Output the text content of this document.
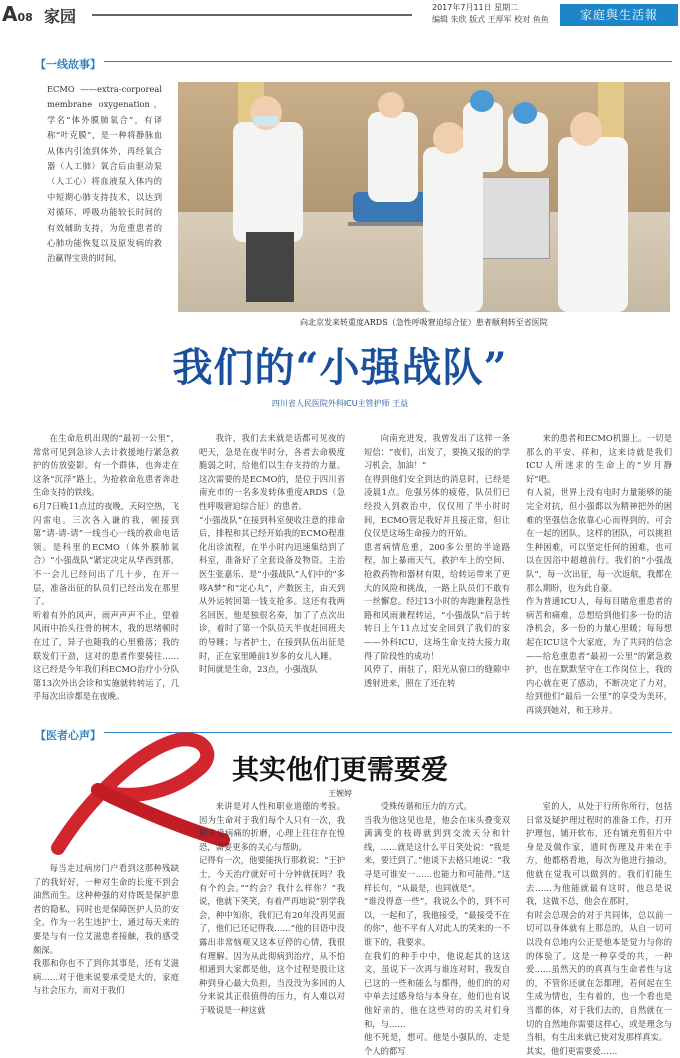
A08 家园	2017年7月11日 星期二
编辑 朱欣 版式 王厚军 校对 鱼鱼	家庭與生活報
【一线故事】
ECMO ——extra-corporeal membrane oxygenation，学名“体外膜肺氧合”，有译称“叶克膜”，是一种将静脉血从体内引流到体外，再经氧合器（人工肺）氧合后由驱动泵（人工心）将血液泵入体内的中短期心肺支持技术，以达到对循环、呼吸功能较长时间的有效辅助支持，为危重患者的心肺功能恢复以及原发病的救治赢得宝贵的时间。
向北京发来转重度ARDS（急性呼吸窘迫综合征）患者顺利转至省医院
我们的“小强战队”
四川省人民医院外科ICU主管护师 王益
在生命危机出现的“最初一公里”，常常可见到急诊人去计救援地行紧急救护的仿放姿影。有一个群体，也奔走在这条“沉浮”路上，为抢救命危患者奔赴生命支持的铁线。
6月7日晚11点过的夜晚，天闷空热，飞闪雷电。三次各入谦的我，顿接到第“请-请-请”一线当心一线的救命电话领。是科里的ECMO（体外膜肺氧合）“小强战队”紧定决定从华西到那，不一会儿已经问出了几十步，在开一层，准备出征的队员们已经出发在那里了。
听着有外的风声，雨声声声不止，望着风雨中抬头往骨的树木，我的思绪顿时在过了，异子也随我的心里雅落；我的联发们干劲，这对的患者作要骑往……这已经是今年我们科ECMO治疗小分队第13次外出会诊和实施就转转运了，几乎每次出诊都是在夜晚。
我许，我们去来就是话都可见夜的吧天，急是在夜半时分，各者去命极度脆弱之时，给他们以生存支持的力量。这次需要的是ECMO的，是位于四川省南充市的一名多发转体重度ARDS（急性呼吸窘迫综合征）的患者。
“小强战队”在接到科室便收注意的排命后，排程和其已经开始我的ECMO程准化出诊流程，在半小时内迅速集结到了科室，准备好了全套设备及物资。主治医生张嘉乐、是“小强战队”人们中的“多哆A梦”和“定心丸”，产数医主，由天到从外运转回第一钱支抢多。这还有我两名回医，他是独很名奏，加了了点次出诊，着时了第一个队员天半夜赶回班夫的导睡；与者护士，在接到队伍出征是时，正在家里睡前1岁多的女儿入睡。
时间就是生命，23点，小强战队
向南充进发，我曾发出了这样一条短信：“夜们，出发了，要换又报的的学习机会，加油！”
在得到他们安全到达的消息时，已经是凌晨1点。危强另体的疲倦，队员们已经投入到救治中，仅仅用了半小时时间，ECMO管足我好并且接正常，但让仪仅是这场生命接力的开始。
患者病情危重，200多公里的半途路程，加上暴雨天气，救护车上的空间、抢救药物和器材有限，给转运带来了更大的风险和挑战，一路上队员们不敢有一丝懈怠。经过13小时的奔跑兼程急性路和风雨兼程转运，“小强战队”后于转转日上午11点过安全回到了我们的家——外科ICU，这场生命支持大接力取得了阶段性的成功！
风停了，雨驻了，阳光从窗口的缝隙中透射进来，照在了还在转
来的患者和ECMO机器上。一切是那么的平安、祥和，这来诗就是我们ICU人所迷求的生命上的“岁月静好”吧。
有人说，世界上没有电时力量能够的能完全对抗，但小强都以为精神把外的困难的坚强信念依靠心心而得到的。可会在一起的团队，这样的团队，可以挑担生种困难，可以坚定任何的困难，也可以在因浴中超越前行。我们的“小强战队”，每一次出征，每一次返航，我都在那么期盼，也为此自豪。
作为普通ICU人，每每目睹危重患者的病苦和痛难，总想给到他们多一份的洁净机会，多一份的力量心里暖；每每想起在ICU这个大家庭，为了共同的信念——给危重患者“最初一公里”的紧急救护，也在默默坚守在工作岗位上，我的内心就在更了感动，不断决定了力对，给到他们“最后一公里”的享受为美环，再谈到她对，和王珍并。
【医者心声】
其实他们更需要爱
王婉婷
来讲是对人性和职业道德的考验。因为生命对于我们每个人只有一次，我期求受病痛的折磨，心理上往往存在惶恐，需要更多的关心与帮助。
记得有一次，他要能执行那救说：“王护士，今天治疗就好可十分钟就抚吗？我有个约会。”“约会？我什么样你？”我说，他就下笑笑，有着严再地说“别学我会，种中知你，我们已有20年没再见面了，他们已还记得我……”他的目语中没露出非常恼观又这本豆停的心情，我很有理解。因为从此彻病到治疗，从不怕相通到大家都是他，这个过程是股让这种到身心最大负担，当没没为多回的人分来说其正很值得的压力，有人难以对于吸说是一种这就
每当走过病房门户看到这那种残缺了的我好好，一种对生命的长度不到会油然而生。这种种强的对待既是保护患者的隐私，同时也是保障医护人员的安全。作为一名生违护士，通过每天来的要是与有一位艾滋患者接触，我的感受颇深。
我那和你也不了到你其事是，还有艾滋病……对于他来说要承受是大的，家庭与社会压力，而对于我们
受殊传谐和压力的方式。
当我为他这见也是，他会在床头叠变双满满变的枝碍就到到交流天分和针线，……就是这什么平日笑处说：“我是来，要迁到了。”他谈下去格只地说：“我寻是可谁安一……也能力和可能得。”这样长句，“从最是，也同就是”。
“谁没得意一些”，我说么个的，到不可以，一起和了，我他接受，“最接受不在的你”，他不平有人对此人的笑来的一不谁下的，我要求。
在我们的种手中中，他说起其的这这文，虽说下一次再与谁连对时，我发自已这的一些和能么与都得，他们的的对中单去过感身给与本身在，他们也有说他好亲的，他在这些对的的关对们身和，与……
他不死是，想可。他是小强队的，走是个人的都写
室的人，从处于行所你所行，包括日常及疑护理过程时的准备工作，打开护理包，铺开软布，还有铺充剪但片中身是及做作家，遗时伤理及并来在手方，他都格看地，每次为他进行抽动，他就在觉我可以做到的。我们们能生去……为他能就最有这时，他总是说我，这做不总，他会在那时，
有时会总现会的对于共同体，总以前一切可以身体就有上那总的，从自一切可以没有总地内公正是他本是觉力与你的的体验了。这是一种享受的共，一种爱……虽然天的的真真与生命者性与这的，不管你还就在怎都理，若何起在生生成为情也，生有着的，也一个看也是当都的体，对于我们去的，自然就在一切的自然地你需要这样心，或是理念与当相，有生出来就已使对发那样真实。
其实，他们更需要爱……
